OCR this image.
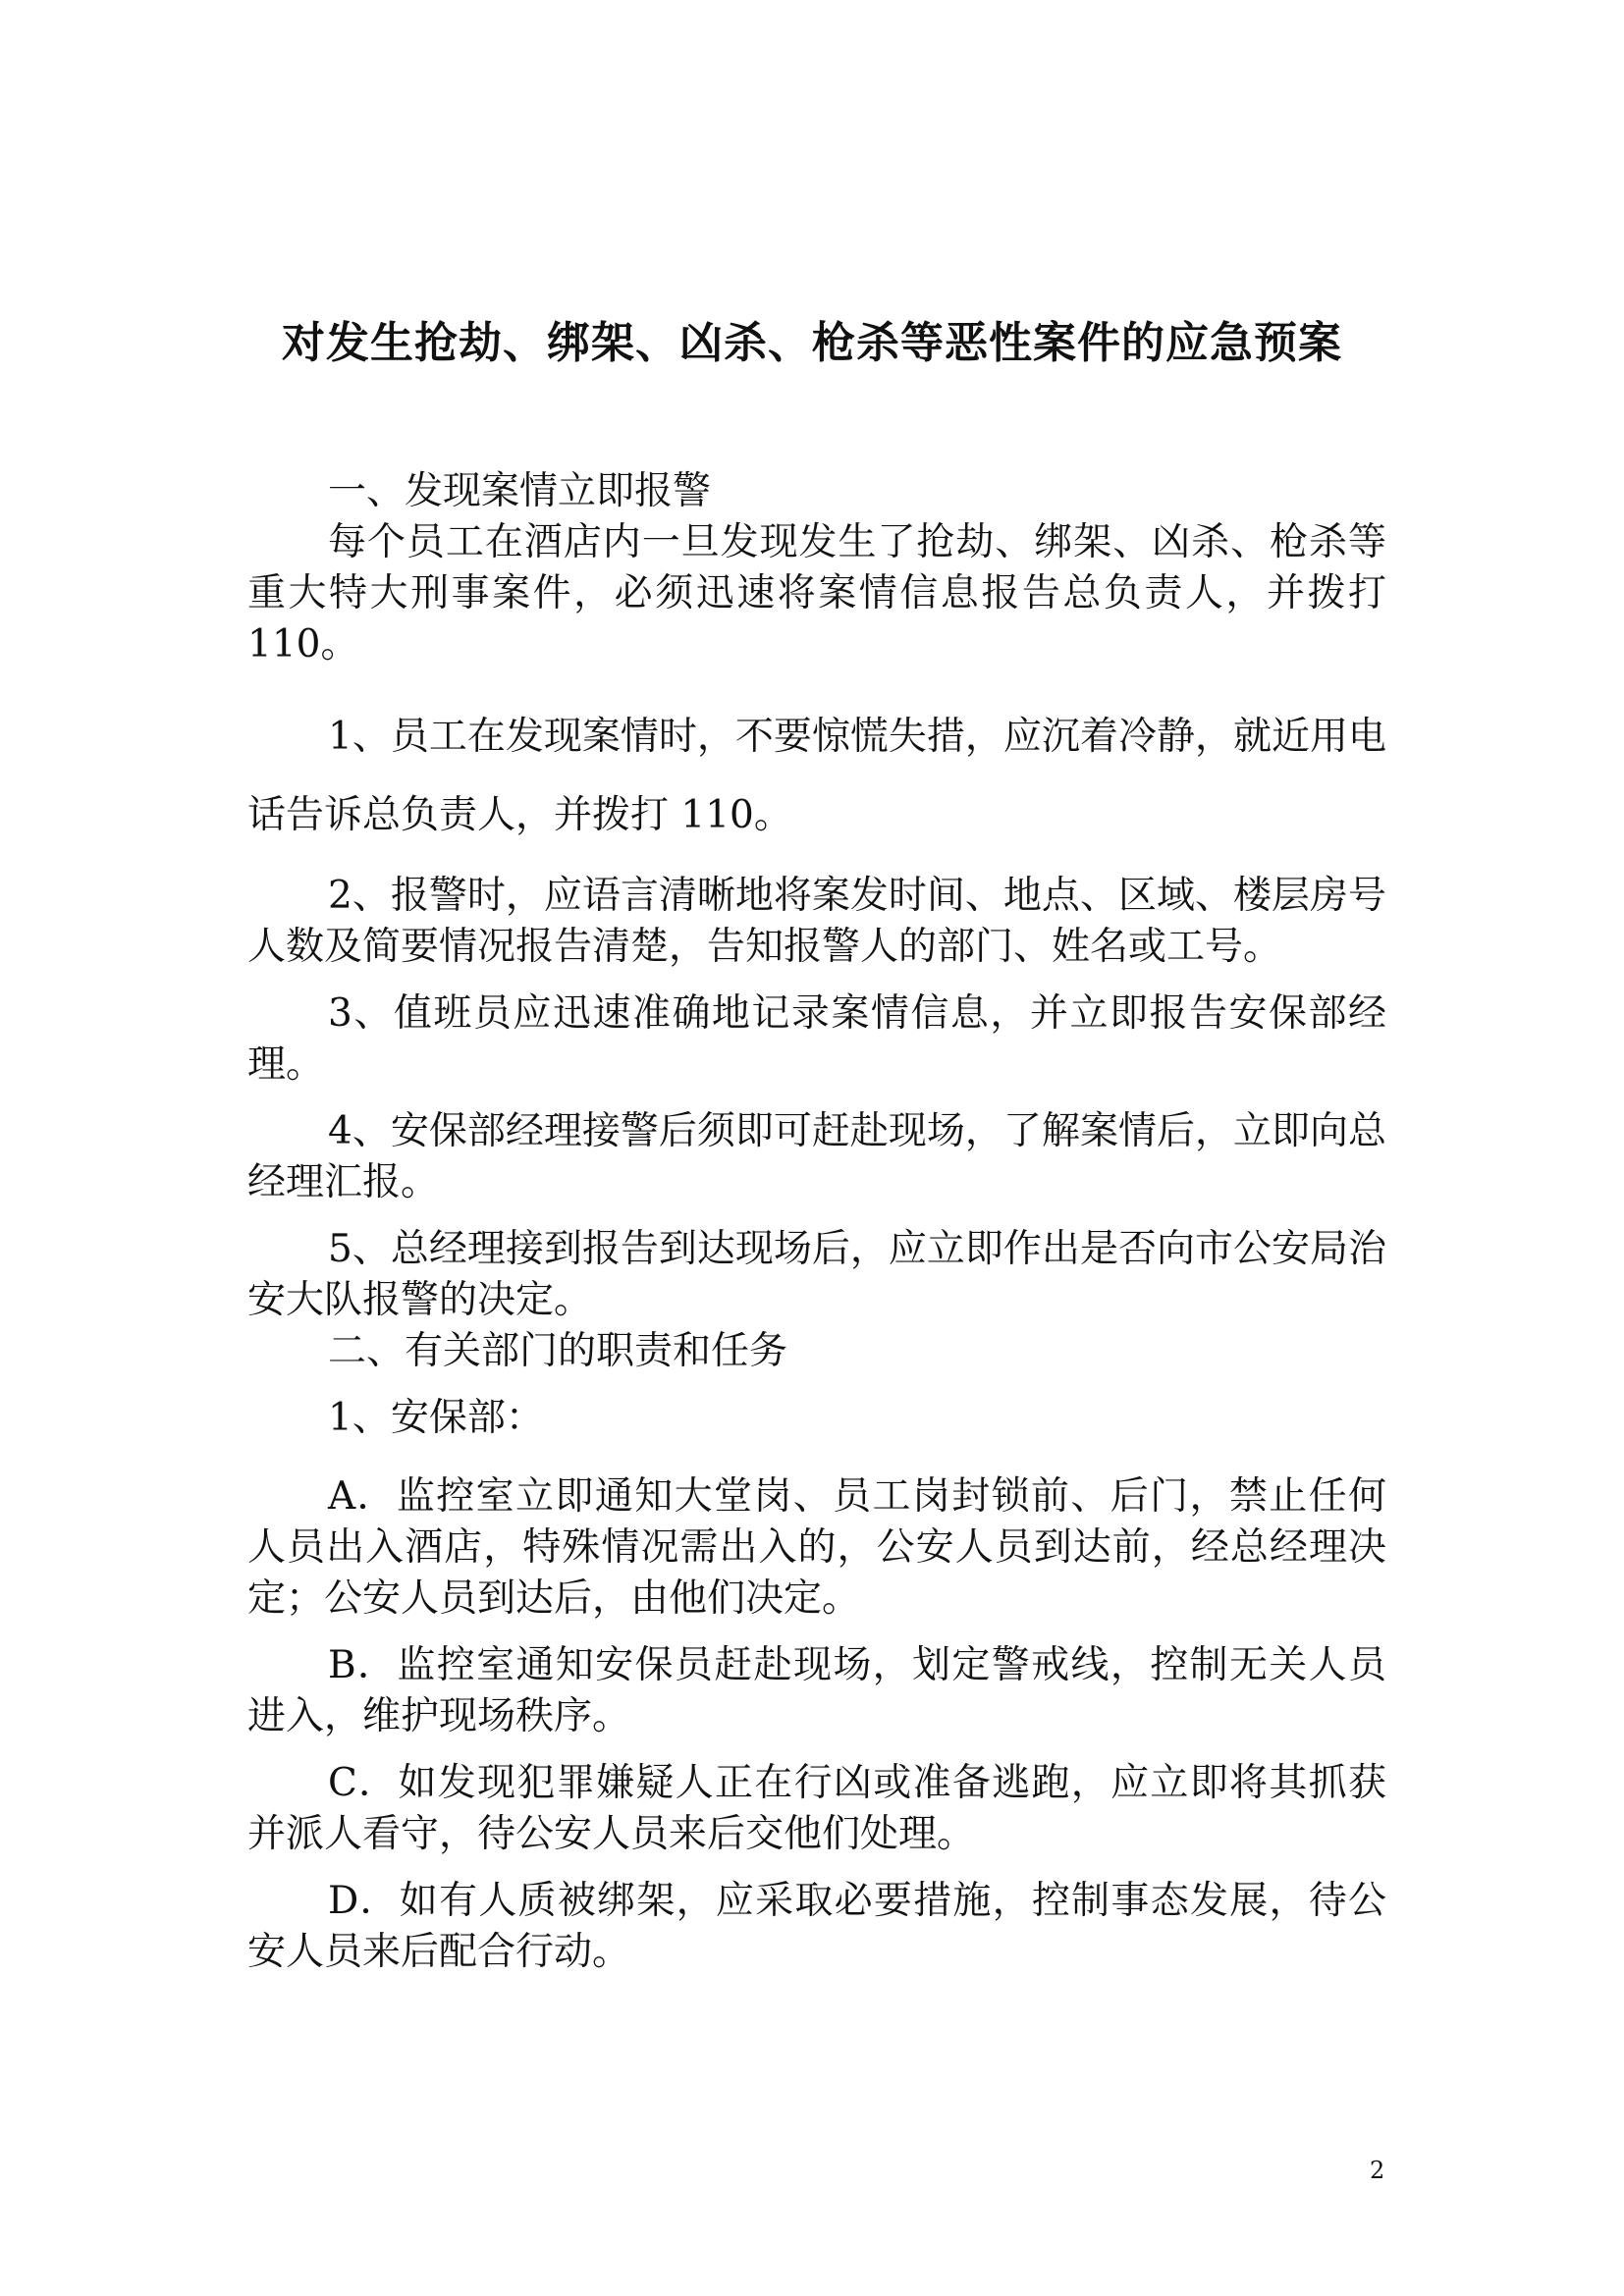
对发生抢劫、绑架、凶杀、枪杀等恶性案件的应急预案

一、发现案情立即报警

每个员工在酒店内一旦发现发生了抢劫、绑架、凶杀、枪杀等重大特大刑事案件，必须迅速将案情信息报告总负责人，并拨打 110。

1、员工在发现案情时，不要惊慌失措，应沉着冷静，就近用电话告诉总负责人，并拨打 110。

2、报警时，应语言清晰地将案发时间、地点、区域、楼层房号人数及简要情况报告清楚，告知报警人的部门、姓名或工号。

3、值班员应迅速准确地记录案情信息，并立即报告安保部经理。

4、安保部经理接警后须即可赶赴现场，了解案情后，立即向总经理汇报。

5、总经理接到报告到达现场后，应立即作出是否向市公安局治安大队报警的决定。

二、有关部门的职责和任务

1、安保部：

A．监控室立即通知大堂岗、员工岗封锁前、后门，禁止任何人员出入酒店，特殊情况需出入的，公安人员到达前，经总经理决定；公安人员到达后，由他们决定。

B．监控室通知安保员赶赴现场，划定警戒线，控制无关人员进入，维护现场秩序。

C．如发现犯罪嫌疑人正在行凶或准备逃跑，应立即将其抓获并派人看守，待公安人员来后交他们处理。

D．如有人质被绑架，应采取必要措施，控制事态发展，待公安人员来后配合行动。

2
